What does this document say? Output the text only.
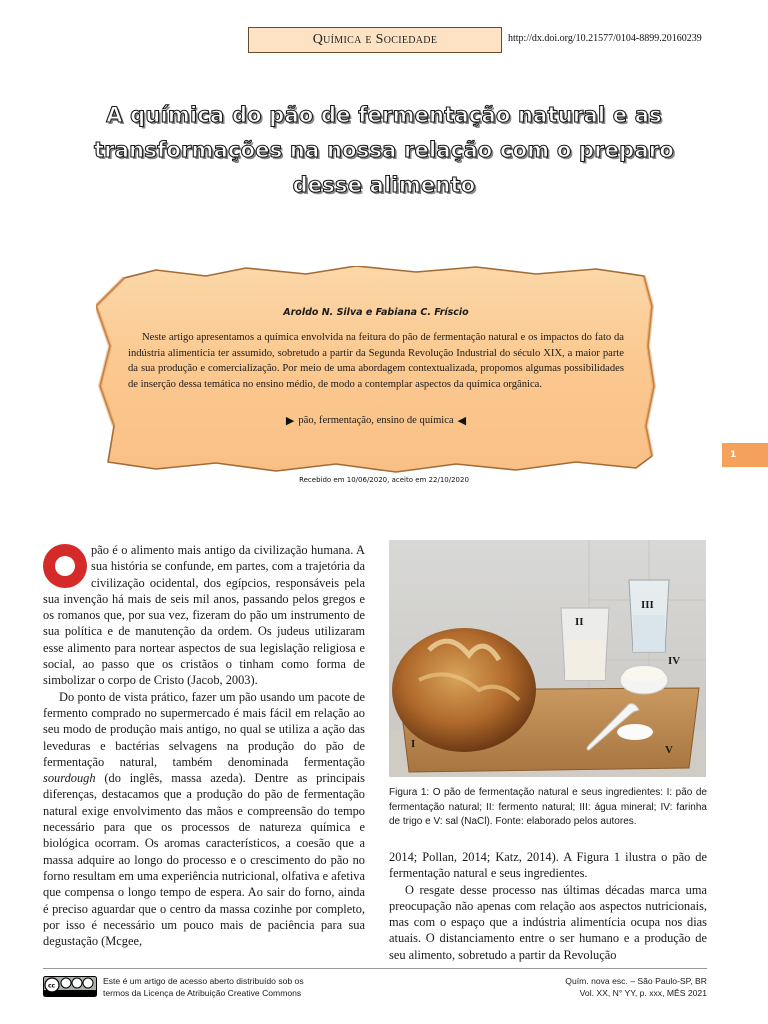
Química e Sociedade	http://dx.doi.org/10.21577/0104-8899.20160239
A química do pão de fermentação natural e as transformações na nossa relação com o preparo desse alimento
Aroldo N. Silva e Fabiana C. Fríscio

Neste artigo apresentamos a química envolvida na feitura do pão de fermentação natural e os impactos do fato da indústria alimentícia ter assumido, sobretudo a partir da Segunda Revolução Industrial do século XIX, a maior parte da sua produção e comercialização. Por meio de uma abordagem contextualizada, propomos algumas possibilidades de inserção dessa temática no ensino médio, de modo a contemplar aspectos da química orgânica.

▶ pão, fermentação, ensino de química ◀
Recebido em 10/06/2020, aceito em 22/10/2020
1

pão é o alimento mais antigo da civilização humana. A sua história se confunde, em partes, com a trajetória da civilização ocidental, dos egípcios, responsáveis pela sua invenção há mais de seis mil anos, passando pelos gregos e os romanos que, por sua vez, fizeram do pão um instrumento de sua política e de manutenção da ordem. Os judeus utilizaram esse alimento para nortear aspectos de sua legislação religiosa e social, ao passo que os cristãos o tinham como forma de simbolizar o corpo de Cristo (Jacob, 2003).

Do ponto de vista prático, fazer um pão usando um pacote de fermento comprado no supermercado é mais fácil em relação ao seu modo de produção mais antigo, no qual se utiliza a ação das leveduras e bactérias selvagens na produção do pão de fermentação natural, também denominada fermentação sourdough (do inglês, massa azeda). Dentre as principais diferenças, destacamos que a produção do pão de fermentação natural exige envolvimento das mãos e compreensão do tempo necessário para que os processos de natureza química e biológica ocorram. Os aromas característicos, a coesão que a massa adquire ao longo do processo e o crescimento do pão no forno resultam em uma experiência nutricional, olfativa e afetiva que compensa o longo tempo de espera. Ao sair do forno, ainda é preciso aguardar que o centro da massa cozinhe por completo, por isso é necessário um pouco mais de paciência para sua degustação (Mcgee,

I
II
III
IV
V

Figura 1: O pão de fermentação natural e seus ingredientes: I: pão de fermentação natural; II: fermento natural; III: água mineral; IV: farinha de trigo e V: sal (NaCl). Fonte: elaborado pelos autores.

2014; Pollan, 2014; Katz, 2014). A Figura 1 ilustra o pão de fermentação natural e seus ingredientes.

O resgate desse processo nas últimas décadas marca uma preocupação não apenas com relação aos aspectos nutricionais, mas com o espaço que a indústria alimentícia ocupa nos dias atuais. O distanciamento entre o ser humano e a produção de seu alimento, sobretudo a partir da Revolução

cc	Este é um artigo de acesso aberto distribuído sob os
termos da Licença de Atribuição Creative Commons
Quím. nova esc. – São Paulo-SP, BR
Vol. XX, N° YY, p. xxx, MÊS 2021
